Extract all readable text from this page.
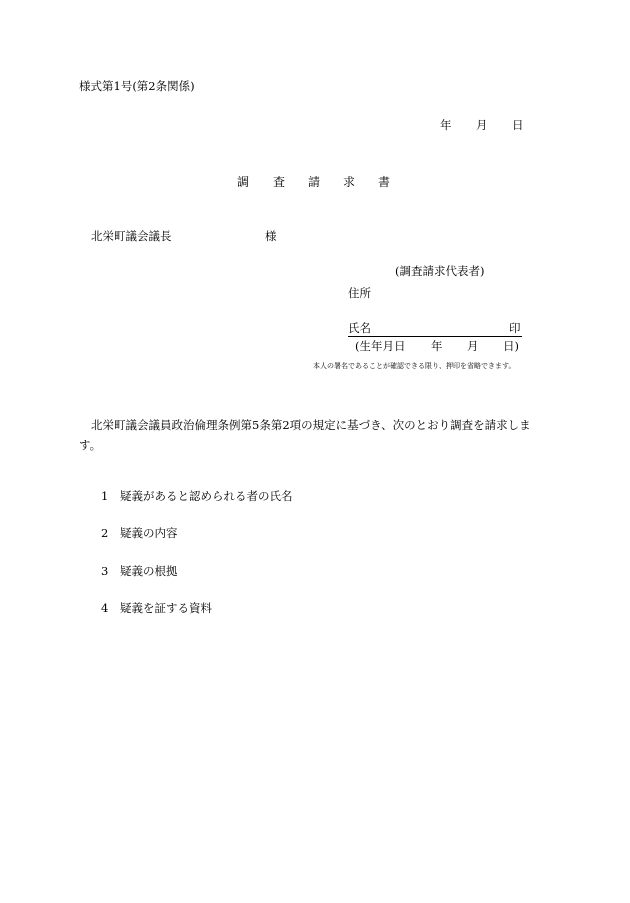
様式第1号(第2条関係)
年 月 日
調 査 請 求 書
北栄町議会議長	様
(調査請求代表者)
住所
氏名	印
(生年月日 年 月 日)
本人の署名であることが確認できる限り、押印を省略できます。
北栄町議会議員政治倫理条例第5条第2項の規定に基づき、次のとおり調査を請求します。
1 疑義があると認められる者の氏名
2 疑義の内容
3 疑義の根拠
4 疑義を証する資料
